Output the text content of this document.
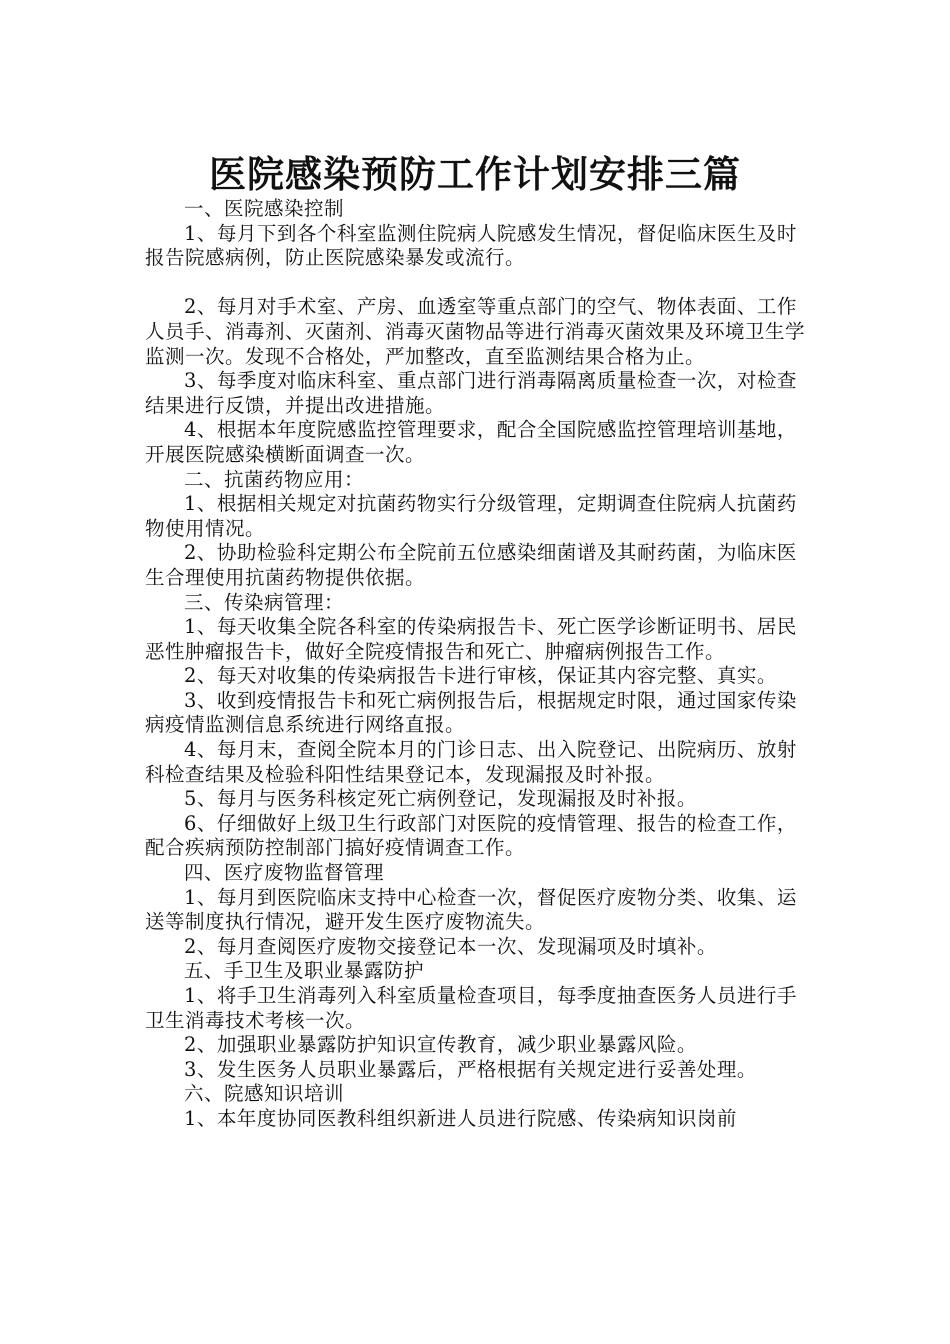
医院感染预防工作计划安排三篇

一、医院感染控制

1、每月下到各个科室监测住院病人院感发生情况，督促临床医生及时报告院感病例，防止医院感染暴发或流行。

2、每月对手术室、产房、血透室等重点部门的空气、物体表面、工作人员手、消毒剂、灭菌剂、消毒灭菌物品等进行消毒灭菌效果及环境卫生学监测一次。发现不合格处，严加整改，直至监测结果合格为止。

3、每季度对临床科室、重点部门进行消毒隔离质量检查一次，对检查结果进行反馈，并提出改进措施。

4、根据本年度院感监控管理要求，配合全国院感监控管理培训基地，开展医院感染横断面调查一次。

二、抗菌药物应用：

1、根据相关规定对抗菌药物实行分级管理，定期调查住院病人抗菌药物使用情况。

2、协助检验科定期公布全院前五位感染细菌谱及其耐药菌，为临床医生合理使用抗菌药物提供依据。

三、传染病管理：

1、每天收集全院各科室的传染病报告卡、死亡医学诊断证明书、居民恶性肿瘤报告卡，做好全院疫情报告和死亡、肿瘤病例报告工作。

2、每天对收集的传染病报告卡进行审核，保证其内容完整、真实。

3、收到疫情报告卡和死亡病例报告后，根据规定时限，通过国家传染病疫情监测信息系统进行网络直报。

4、每月末，查阅全院本月的门诊日志、出入院登记、出院病历、放射科检查结果及检验科阳性结果登记本，发现漏报及时补报。

5、每月与医务科核定死亡病例登记，发现漏报及时补报。

6、仔细做好上级卫生行政部门对医院的疫情管理、报告的检查工作，配合疾病预防控制部门搞好疫情调查工作。

四、医疗废物监督管理

1、每月到医院临床支持中心检查一次，督促医疗废物分类、收集、运送等制度执行情况，避开发生医疗废物流失。

2、每月查阅医疗废物交接登记本一次、发现漏项及时填补。

五、手卫生及职业暴露防护

1、将手卫生消毒列入科室质量检查项目，每季度抽查医务人员进行手卫生消毒技术考核一次。

2、加强职业暴露防护知识宣传教育，减少职业暴露风险。

3、发生医务人员职业暴露后，严格根据有关规定进行妥善处理。

六、院感知识培训

1、本年度协同医教科组织新进人员进行院感、传染病知识岗前
